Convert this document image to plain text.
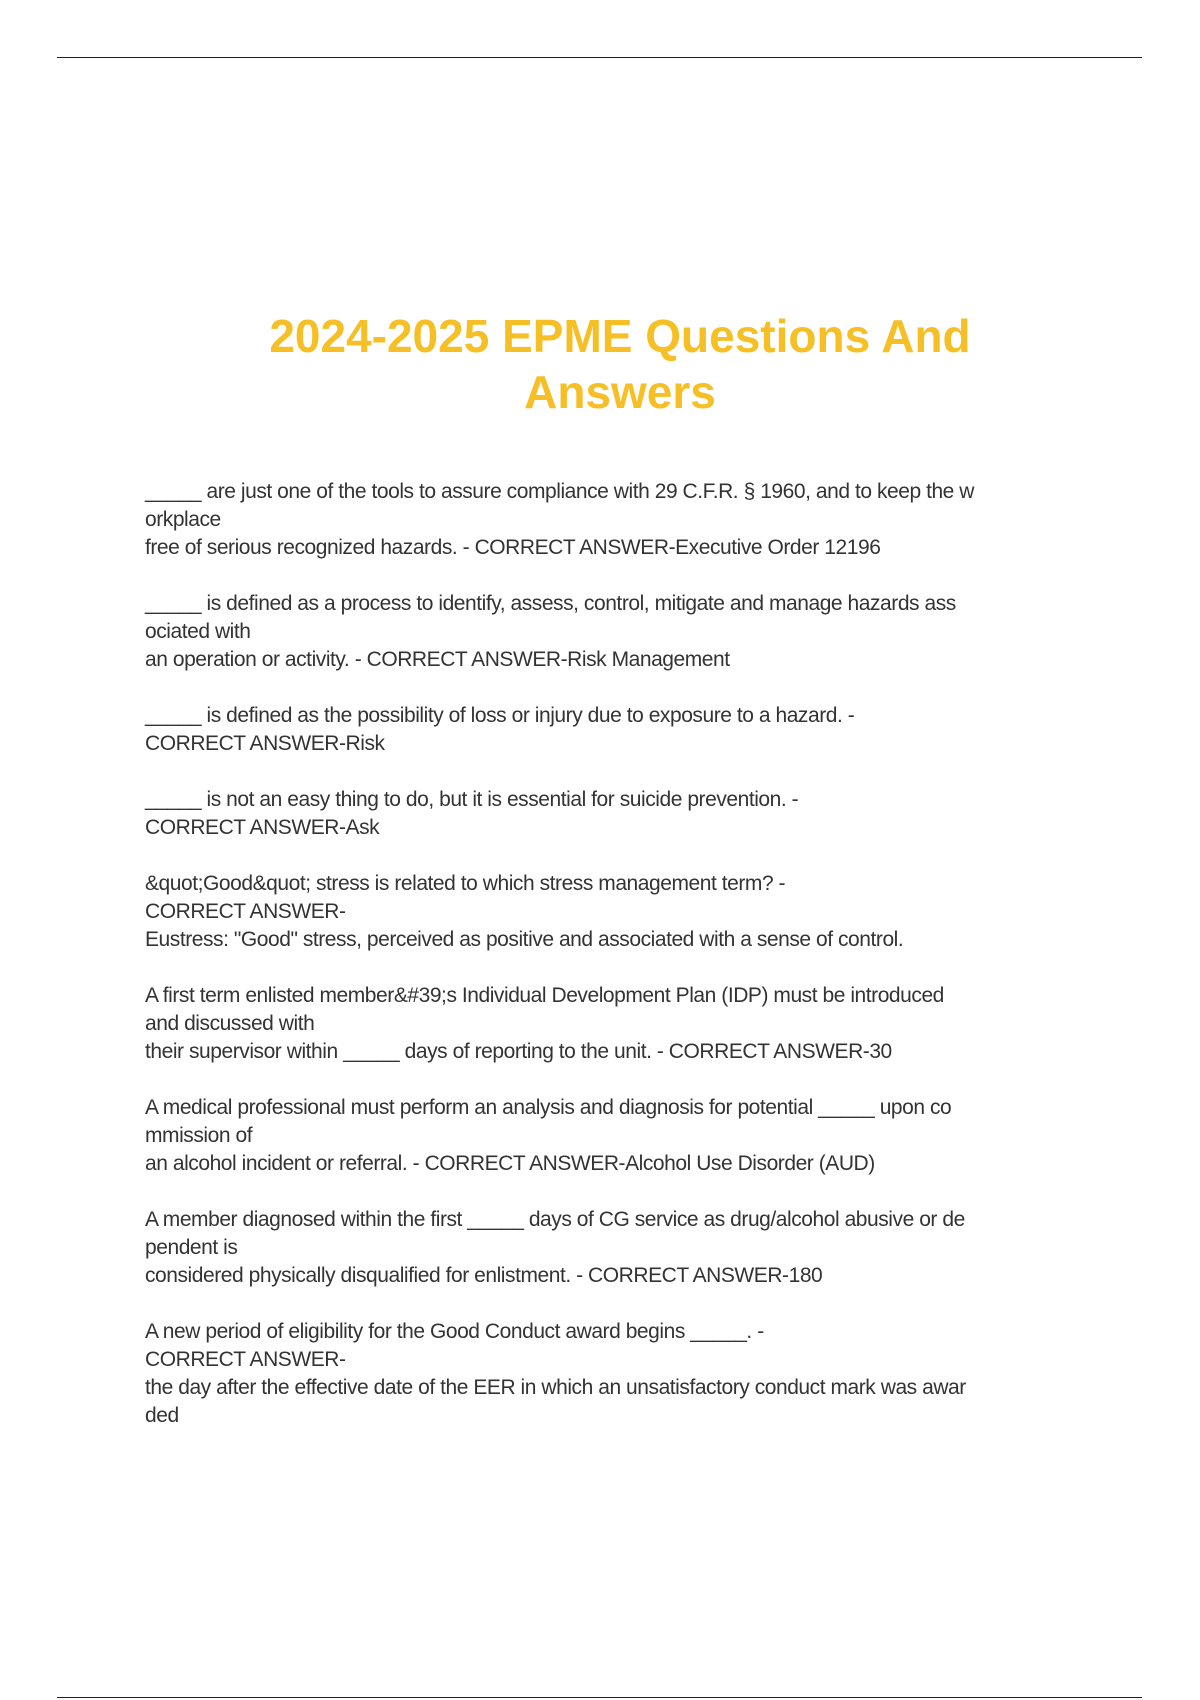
2024-2025 EPME Questions And
Answers
_____ are just one of the tools to assure compliance with 29 C.F.R. § 1960, and to keep the w
orkplace
free of serious recognized hazards. - CORRECT ANSWER-Executive Order 12196
_____ is defined as a process to identify, assess, control, mitigate and manage hazards ass
ociated with
an operation or activity. - CORRECT ANSWER-Risk Management
_____ is defined as the possibility of loss or injury due to exposure to a hazard. -
CORRECT ANSWER-Risk
_____ is not an easy thing to do, but it is essential for suicide prevention. -
CORRECT ANSWER-Ask
&quot;Good&quot; stress is related to which stress management term? -
CORRECT ANSWER-
Eustress: "Good" stress, perceived as positive and associated with a sense of control.
A first term enlisted member&#39;s Individual Development Plan (IDP) must be introduced
and discussed with
their supervisor within _____ days of reporting to the unit. - CORRECT ANSWER-30
A medical professional must perform an analysis and diagnosis for potential _____ upon co
mmission of
an alcohol incident or referral. - CORRECT ANSWER-Alcohol Use Disorder (AUD)
A member diagnosed within the first _____ days of CG service as drug/alcohol abusive or de
pendent is
considered physically disqualified for enlistment. - CORRECT ANSWER-180
A new period of eligibility for the Good Conduct award begins _____. -
CORRECT ANSWER-
the day after the effective date of the EER in which an unsatisfactory conduct mark was awar
ded
